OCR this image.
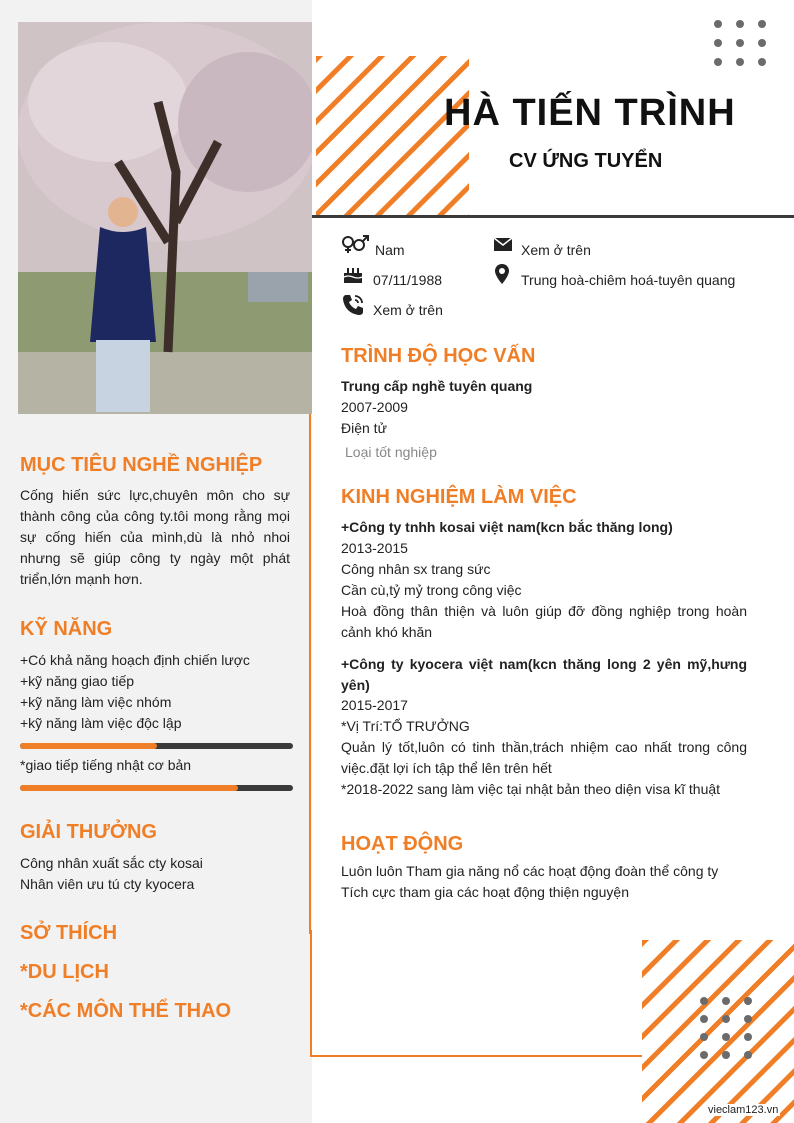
HÀ TIẾN TRÌNH
CV ỨNG TUYỂN
Nam	Xem ở trên
07/11/1988	Trung hoà-chiêm hoá-tuyên quang
Xem ở trên
TRÌNH ĐỘ HỌC VẤN
Trung cấp nghề tuyên quang
2007-2009
Điện tử
Loại tốt nghiệp
KINH NGHIỆM LÀM VIỆC
+Công ty tnhh kosai việt nam(kcn bắc thăng long)
2013-2015
Công nhân sx trang sức
Cần cù,tỷ mỷ trong công việc
Hoà đồng thân thiện và luôn giúp đỡ đồng nghiệp trong hoàn cảnh khó khăn
+Công ty kyocera việt nam(kcn thăng long 2 yên mỹ,hưng yên)
2015-2017
*Vị Trí:TỔ TRƯỞNG
Quản lý tốt,luôn có tinh thần,trách nhiệm cao nhất trong công việc.đặt lợi ích tập thể lên trên hết
*2018-2022 sang làm việc tại nhật bản theo diện visa kĩ thuật
HOẠT ĐỘNG
Luôn luôn Tham gia năng nổ các hoạt động đoàn thể công ty
Tích cực tham gia các hoạt động thiện nguyện
MỤC TIÊU NGHỀ NGHIỆP
Cống hiến sức lực,chuyên môn cho sự thành công của công ty.tôi mong rằng mọi sự cống hiến của mình,dù là nhỏ nhoi nhưng sẽ giúp công ty ngày một phát triển,lớn mạnh hơn.
KỸ NĂNG
+Có khả năng hoạch định chiến lược
+kỹ năng giao tiếp
+kỹ năng làm việc nhóm
+kỹ năng làm việc độc lập
*giao tiếp tiếng nhật cơ bản
GIẢI THƯỞNG
Công nhân xuất sắc cty kosai
Nhân viên ưu tú cty kyocera
SỞ THÍCH
*DU LỊCH
*CÁC MÔN THỂ THAO
vieclam123.vn
